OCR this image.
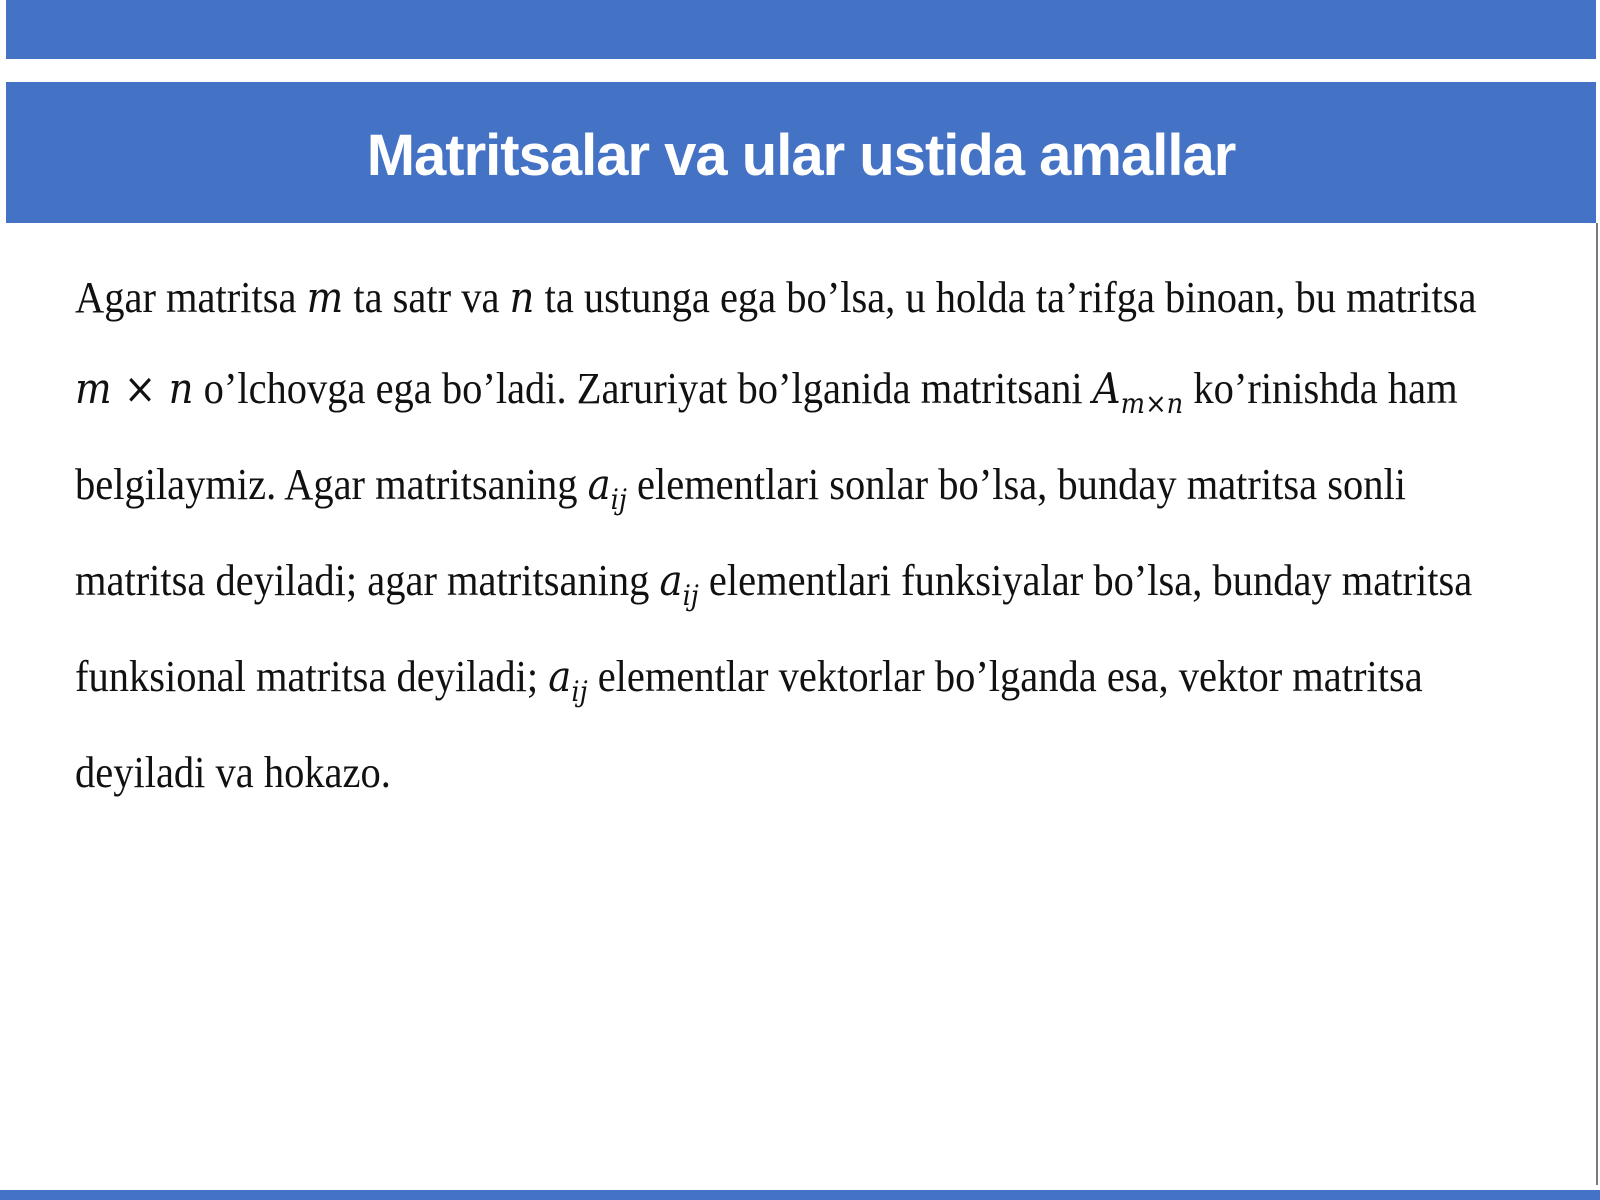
Matritsalar va ular ustida amallar
Agar matritsa m ta satr va n ta ustunga ega bo’lsa, u holda ta’rifga binoan, bu matritsa
m × n o’lchovga ega bo’ladi. Zaruriyat bo’lganida matritsani $A_{m\times n}$ ko’rinishda ham
belgilaymiz. Agar matritsaning $a_{ij}$ elementlari sonlar bo’lsa, bunday matritsa sonli
matritsa deyiladi; agar matritsaning $a_{ij}$ elementlari funksiyalar bo’lsa, bunday matritsa
funksional matritsa deyiladi; $a_{ij}$ elementlar vektorlar bo’lganda esa, vektor matritsa
deyiladi va hokazo.
